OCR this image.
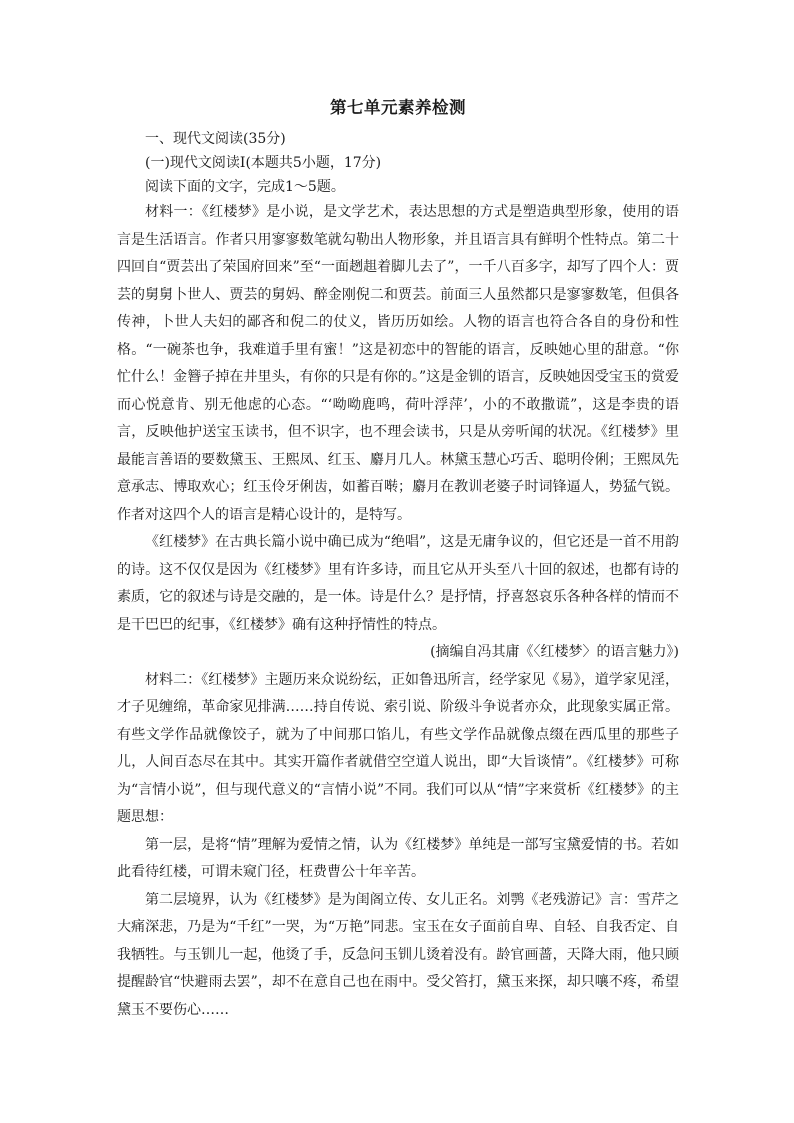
第七单元素养检测

一、现代文阅读(35分)

(一)现代文阅读Ⅰ(本题共5小题，17分)

阅读下面的文字，完成1～5题。

材料一：《红楼梦》是小说，是文学艺术，表达思想的方式是塑造典型形象，使用的语言是生活语言。作者只用寥寥数笔就勾勒出人物形象，并且语言具有鲜明个性特点。第二十四回自“贾芸出了荣国府回来”至“一面趔趄着脚儿去了”，一千八百多字，却写了四个人：贾芸的舅舅卜世人、贾芸的舅妈、醉金刚倪二和贾芸。前面三人虽然都只是寥寥数笔，但俱各传神，卜世人夫妇的鄙吝和倪二的仗义，皆历历如绘。人物的语言也符合各自的身份和性格。“一碗茶也争，我难道手里有蜜！”这是初恋中的智能的语言，反映她心里的甜意。“你忙什么！金簪子掉在井里头，有你的只是有你的。”这是金钏的语言，反映她因受宝玉的赏爱而心悦意肯、别无他虑的心态。“‘呦呦鹿鸣，荷叶浮萍’，小的不敢撒谎”，这是李贵的语言，反映他护送宝玉读书，但不识字，也不理会读书，只是从旁听闻的状况。《红楼梦》里最能言善语的要数黛玉、王熙凤、红玉、麝月几人。林黛玉慧心巧舌、聪明伶俐；王熙凤先意承志、博取欢心；红玉伶牙俐齿，如蓄百啭；麝月在教训老婆子时词锋逼人，势猛气锐。作者对这四个人的语言是精心设计的，是特写。

《红楼梦》在古典长篇小说中确已成为“绝唱”，这是无庸争议的，但它还是一首不用韵的诗。这不仅仅是因为《红楼梦》里有许多诗，而且它从开头至八十回的叙述，也都有诗的素质，它的叙述与诗是交融的，是一体。诗是什么？是抒情，抒喜怒哀乐各种各样的情而不是干巴巴的纪事，《红楼梦》确有这种抒情性的特点。

(摘编自冯其庸《〈红楼梦〉的语言魅力》)

材料二：《红楼梦》主题历来众说纷纭，正如鲁迅所言，经学家见《易》，道学家见淫，才子见缠绵，革命家见排满……持自传说、索引说、阶级斗争说者亦众，此现象实属正常。有些文学作品就像饺子，就为了中间那口馅儿，有些文学作品就像点缀在西瓜里的那些子儿，人间百态尽在其中。其实开篇作者就借空空道人说出，即“大旨谈情”。《红楼梦》可称为“言情小说”，但与现代意义的“言情小说”不同。我们可以从“情”字来赏析《红楼梦》的主题思想：

第一层，是将“情”理解为爱情之情，认为《红楼梦》单纯是一部写宝黛爱情的书。若如此看待红楼，可谓未窥门径，枉费曹公十年辛苦。

第二层境界，认为《红楼梦》是为闺阁立传、女儿正名。刘鹗《老残游记》言：雪芹之大痛深悲，乃是为“千红”一哭，为“万艳”同悲。宝玉在女子面前自卑、自轻、自我否定、自我牺牲。与玉钏儿一起，他烫了手，反急问玉钏儿烫着没有。龄官画蔷，天降大雨，他只顾提醒龄官“快避雨去罢”，却不在意自己也在雨中。受父笞打，黛玉来探，却只嚷不疼，希望黛玉不要伤心……
